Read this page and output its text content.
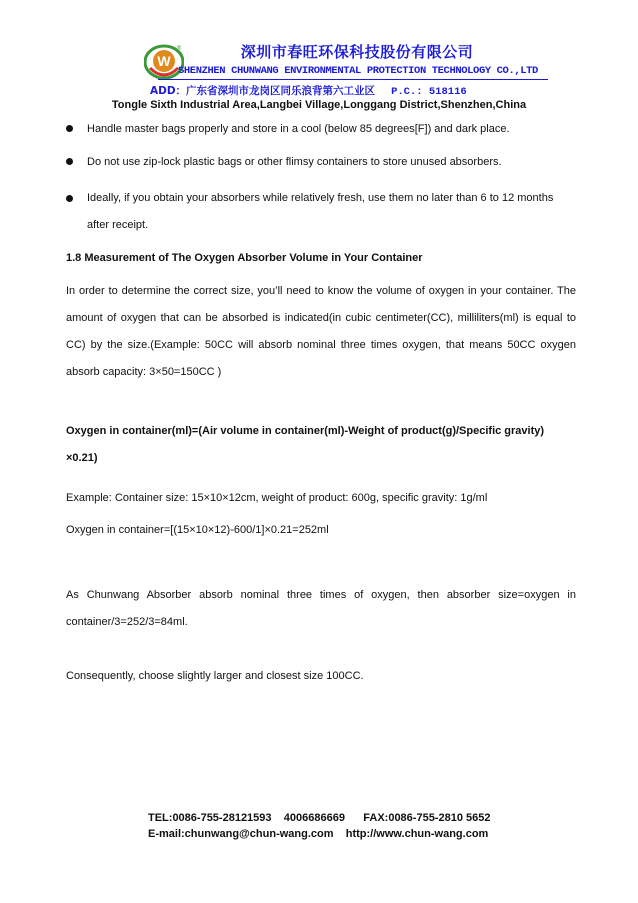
W
®	深圳市春旺环保科技股份有限公司
SHENZHEN CHUNWANG ENVIRONMENTAL PROTECTION TECHNOLOGY CO.,LTD
ADD：广东省深圳市龙岗区同乐浪背第六工业区 P.C.: 518116
Tongle Sixth Industrial Area,Langbei Village,Longgang District,Shenzhen,China
Handle master bags properly and store in a cool (below 85 degrees[F]) and dark place.
Do not use zip-lock plastic bags or other flimsy containers to store unused absorbers.
Ideally, if you obtain your absorbers while relatively fresh, use them no later than 6 to 12 months after receipt.
1.8 Measurement of The Oxygen Absorber Volume in Your Container
In order to determine the correct size, you’ll need to know the volume of oxygen in your container. The amount of oxygen that can be absorbed is indicated(in cubic centimeter(CC), milliliters(ml) is equal to CC) by the size.(Example: 50CC will absorb nominal three times oxygen, that means 50CC oxygen absorb capacity: 3×50=150CC )
Oxygen in container(ml)=(Air volume in container(ml)-Weight of product(g)/Specific gravity) ×0.21)
Example: Container size: 15×10×12cm, weight of product: 600g, specific gravity: 1g/ml
Oxygen in container=[(15×10×12)-600/1]×0.21=252ml
As Chunwang Absorber absorb nominal three times of oxygen, then absorber size=oxygen in container/3=252/3=84ml.
Consequently, choose slightly larger and closest size 100CC.
TEL:0086-755-28121593    4006686669      FAX:0086-755-2810 5652
E-mail:chunwang@chun-wang.com    http://www.chun-wang.com
